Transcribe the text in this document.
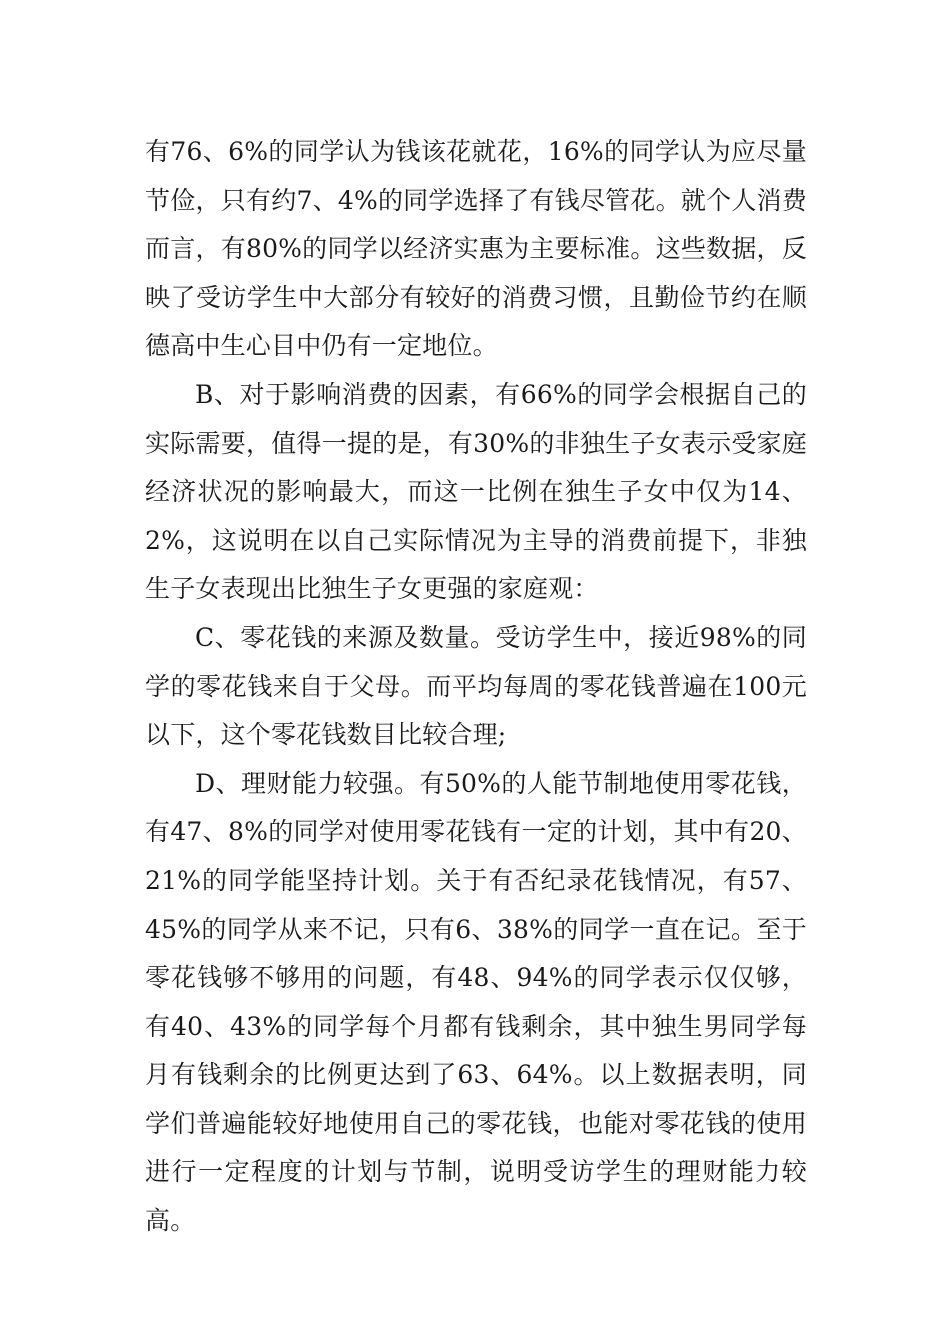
有76、6%的同学认为钱该花就花，16%的同学认为应尽量节俭，只有约7、4%的同学选择了有钱尽管花。就个人消费而言，有80%的同学以经济实惠为主要标准。这些数据，反映了受访学生中大部分有较好的消费习惯，且勤俭节约在顺德高中生心目中仍有一定地位。

B、对于影响消费的因素，有66%的同学会根据自己的实际需要，值得一提的是，有30%的非独生子女表示受家庭经济状况的影响最大，而这一比例在独生子女中仅为14、2%，这说明在以自己实际情况为主导的消费前提下，非独生子女表现出比独生子女更强的家庭观：

C、零花钱的来源及数量。受访学生中，接近98%的同学的零花钱来自于父母。而平均每周的零花钱普遍在100元以下，这个零花钱数目比较合理;

D、理财能力较强。有50%的人能节制地使用零花钱，有47、8%的同学对使用零花钱有一定的计划，其中有20、21%的同学能坚持计划。关于有否纪录花钱情况，有57、45%的同学从来不记，只有6、38%的同学一直在记。至于零花钱够不够用的问题，有48、94%的同学表示仅仅够，有40、43%的同学每个月都有钱剩余，其中独生男同学每月有钱剩余的比例更达到了63、64%。以上数据表明，同学们普遍能较好地使用自己的零花钱，也能对零花钱的使用进行一定程度的计划与节制，说明受访学生的理财能力较高。
